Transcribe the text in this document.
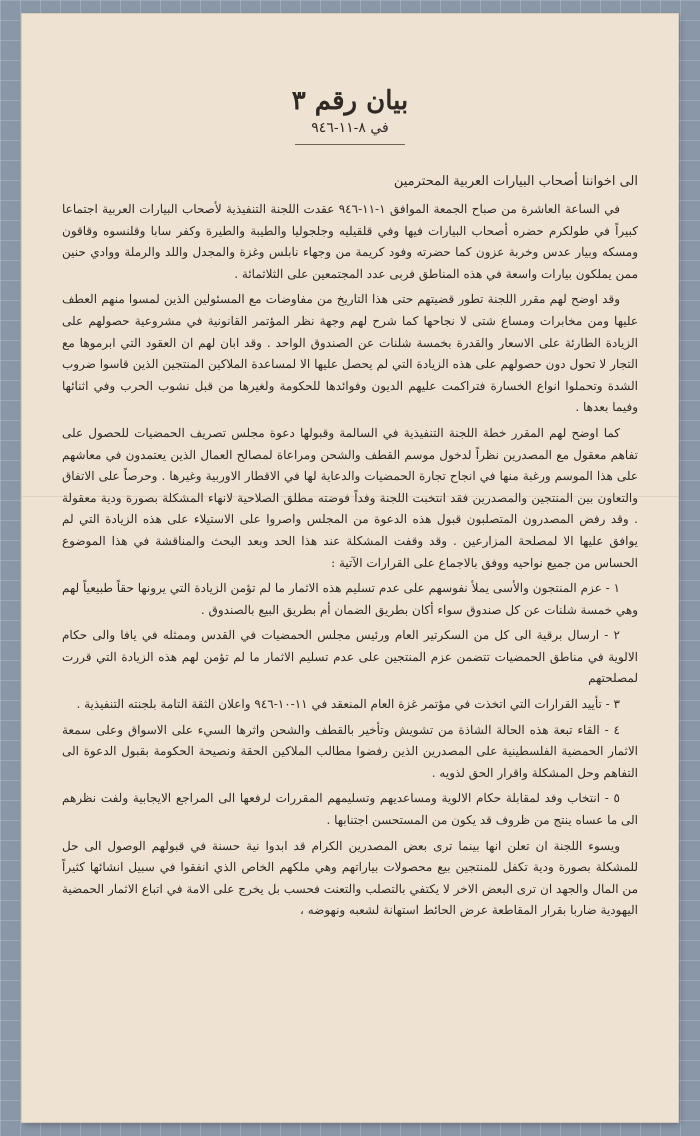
بيان رقم ٣

في ٨-١١-٩٤٦

الى اخواننا أصحاب البيارات العربية المحترمين

في الساعة العاشرة من صباح الجمعة الموافق ١-١١-٩٤٦ عقدت اللجنة التنفيذية لأصحاب البيارات العربية اجتماعا كبيراً في طولكرم حضره أصحاب البيارات فيها وفي قلقيليه وجلجوليا والطيبة والطيرة وكفر سابا وقلنسوه وقاقون ومسكه وبيار عدس وخربة عزون كما حضرته وفود كريمة من وجهاء نابلس وغزة والمجدل واللد والرملة ووادي حنين ممن يملكون بيارات واسعة في هذه المناطق فربى عدد المجتمعين على الثلاثمائة .

وقد اوضح لهم مقرر اللجنة تطور قضيتهم حتى هذا التاريخ من مفاوضات مع المسئولين الذين لمسوا منهم العطف عليها ومن مخابرات ومساع شتى لا نجاحها كما شرح لهم وجهة نظر المؤتمر القانونية في مشروعية حصولهم على الزيادة الطارئة على الاسعار والقدرة بخمسة شلنات عن الصندوق الواحد . وقد ابان لهم ان العقود التي ابرموها مع التجار لا تحول دون حصولهم على هذه الزيادة التي لم يحصل عليها الا لمساعدة الملاكين المنتجين الذين قاسوا ضروب الشدة وتحملوا انواع الخسارة فتراكمت عليهم الديون وفوائدها للحكومة ولغيرها من قبل نشوب الحرب وفي اثنائها وفيما بعدها .

كما اوضح لهم المقرر خطة اللجنة التنفيذية في السالمة وقبولها دعوة مجلس تصريف الحمضيات للحصول على تفاهم معقول مع المصدرين نظراً لدخول موسم القطف والشحن ومراعاة لمصالح العمال الذين يعتمدون في معاشهم على هذا الموسم ورغبة منها في انجاح تجارة الحمضيات والدعاية لها في الاقطار الاوربية وغيرها . وحرصاً على الاتفاق والتعاون بين المنتجين والمصدرين فقد انتخبت اللجنة وفداً فوضته مطلق الصلاحية لانهاء المشكلة بصورة ودية معقولة . وقد رفض المصدرون المتصلبون قبول هذه الدعوة من المجلس واصروا على الاستيلاء على هذه الزيادة التي لم يوافق عليها الا لمصلحة المزارعين . وقد وقفت المشكلة عند هذا الحد وبعد البحث والمناقشة في هذا الموضوع الحساس من جميع نواحيه ووفق بالاجماع على القرارات الآتية :

١ - عزم المنتجون والأسى يملأ نفوسهم على عدم تسليم هذه الاثمار ما لم تؤمن الزيادة التي يرونها حقاً طبيعياً لهم وهي خمسة شلنات عن كل صندوق سواء أكان بطريق الضمان أم بطريق البيع بالصندوق .

٢ - ارسال برقية الى كل من السكرتير العام ورئيس مجلس الحمضيات في القدس وممثله في يافا والى حكام الالوية في مناطق الحمضيات تتضمن عزم المنتجين على عدم تسليم الاثمار ما لم تؤمن لهم هذه الزيادة التي قررت لمصلحتهم

٣ - تأييد القرارات التي اتخذت في مؤتمر غزة العام المنعقد في ١١-١٠-٩٤٦ واعلان الثقة التامة بلجنته التنفيذية .

٤ - القاء تبعة هذه الحالة الشاذة من تشويش وتأخير بالقطف والشحن واثرها السيء على الاسواق وعلى سمعة الاثمار الحمضية الفلسطينية على المصدرين الذين رفضوا مطالب الملاكين الحقة ونصيحة الحكومة بقبول الدعوة الى التفاهم وحل المشكلة واقرار الحق لذويه .

٥ - انتخاب وفد لمقابلة حكام الالوية ومساعديهم وتسليمهم المقررات لرفعها الى المراجع الايجابية ولفت نظرهم الى ما عساه ينتج من ظروف قد يكون من المستحسن اجتنابها .

ويسوء اللجنة ان تعلن انها بينما ترى بعض المصدرين الكرام قد ابدوا نية حسنة في قبولهم الوصول الى حل للمشكلة بصورة ودية تكفل للمنتجين بيع محصولات بياراتهم وهي ملكهم الخاص الذي انفقوا في سبيل انشائها كثيراً من المال والجهد ان ترى البعض الاخر لا يكتفي بالتصلب والتعنت فحسب بل يخرج على الامة في اتباع الاثمار الحمضية اليهودية ضاربا بقرار المقاطعة عرض الحائط استهانة لشعبه ونهوضه ،
